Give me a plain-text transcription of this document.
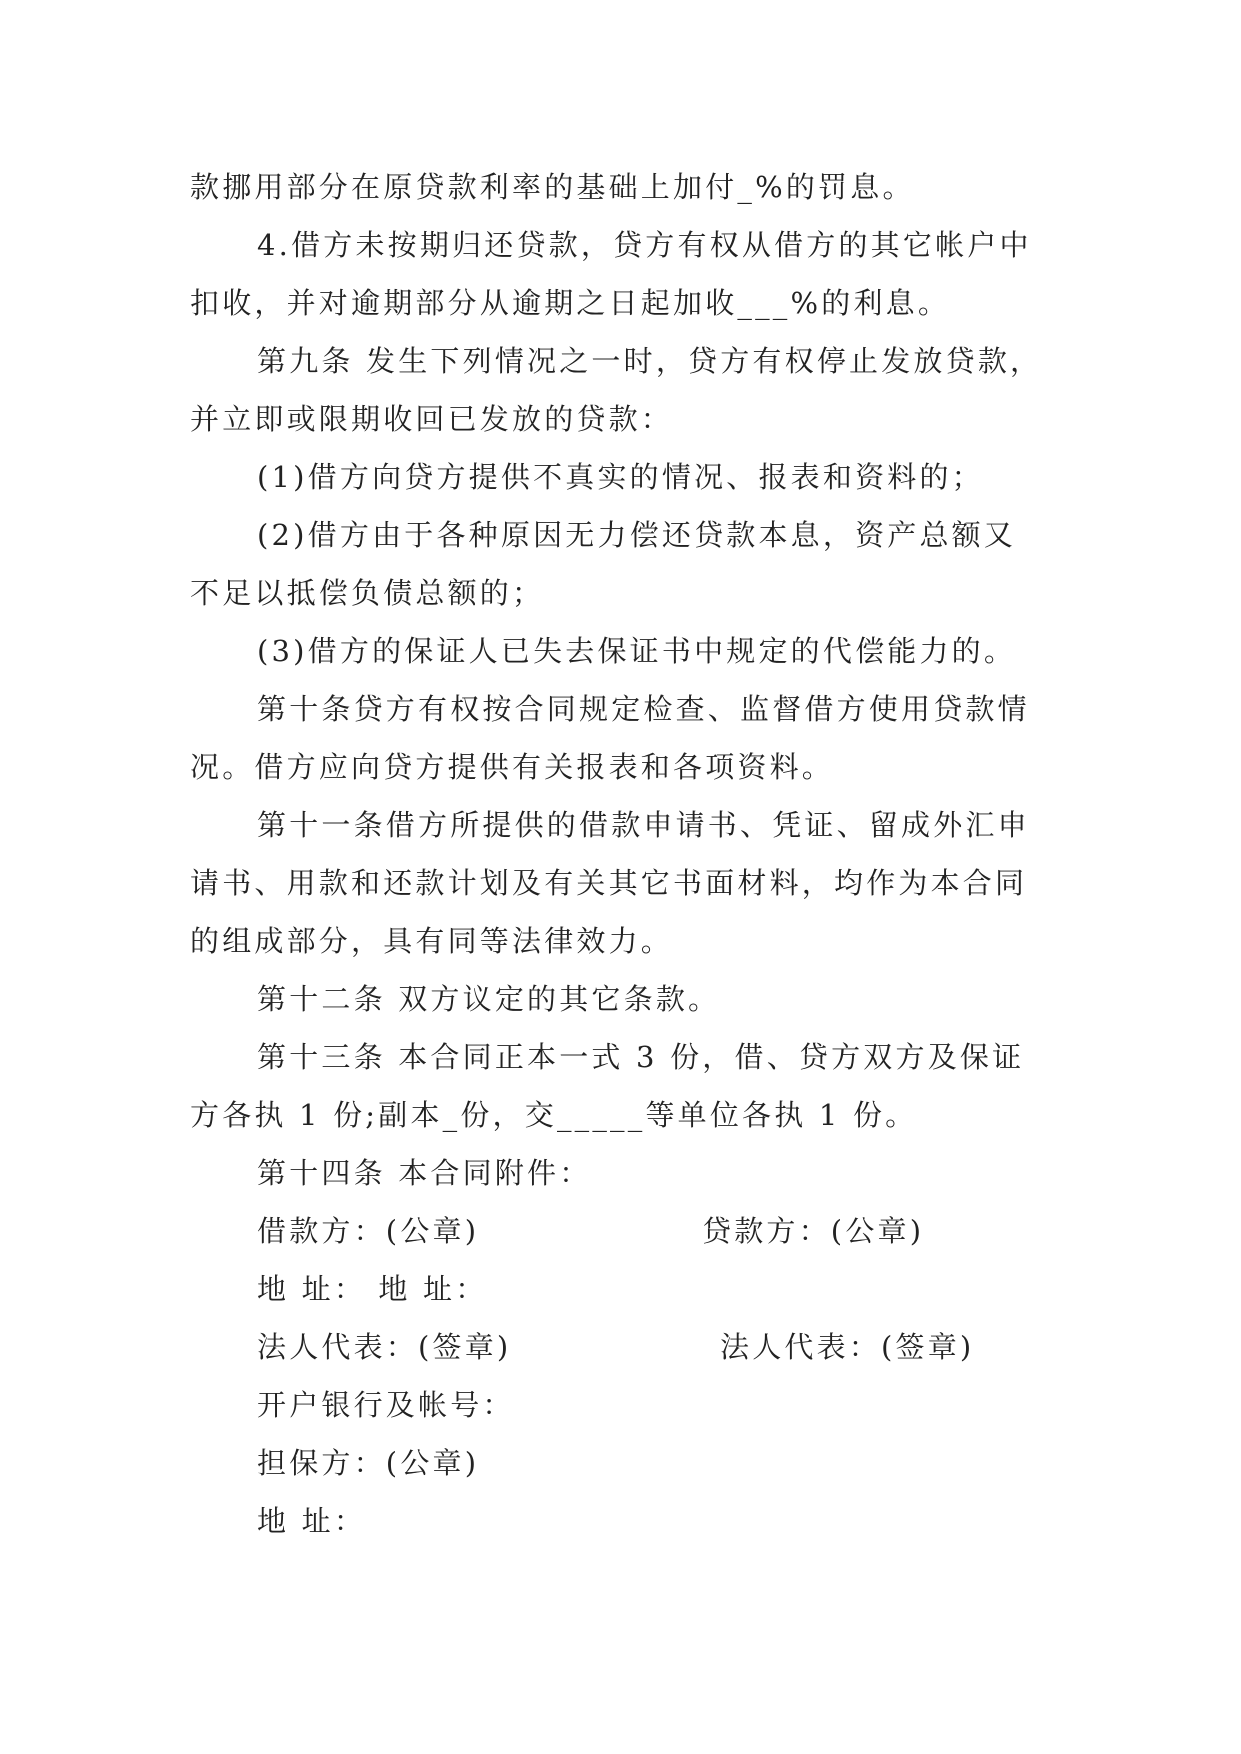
款挪用部分在原贷款利率的基础上加付_%的罚息。
4.借方未按期归还贷款，贷方有权从借方的其它帐户中
扣收，并对逾期部分从逾期之日起加收___%的利息。
第九条 发生下列情况之一时，贷方有权停止发放贷款，
并立即或限期收回已发放的贷款：
(1)借方向贷方提供不真实的情况、报表和资料的；
(2)借方由于各种原因无力偿还贷款本息，资产总额又
不足以抵偿负债总额的；
(3)借方的保证人已失去保证书中规定的代偿能力的。
第十条贷方有权按合同规定检查、监督借方使用贷款情
况。借方应向贷方提供有关报表和各项资料。
第十一条借方所提供的借款申请书、凭证、留成外汇申
请书、用款和还款计划及有关其它书面材料，均作为本合同
的组成部分，具有同等法律效力。
第十二条 双方议定的其它条款。
第十三条 本合同正本一式 3 份，借、贷方双方及保证
方各执 1 份;副本_份，交_____等单位各执 1 份。
第十四条 本合同附件：
借款方：(公章)	贷款方：(公章)
地 址： 地 址：
法人代表：(签章)	法人代表：(签章)
开户银行及帐号：
担保方：(公章)
地 址：
